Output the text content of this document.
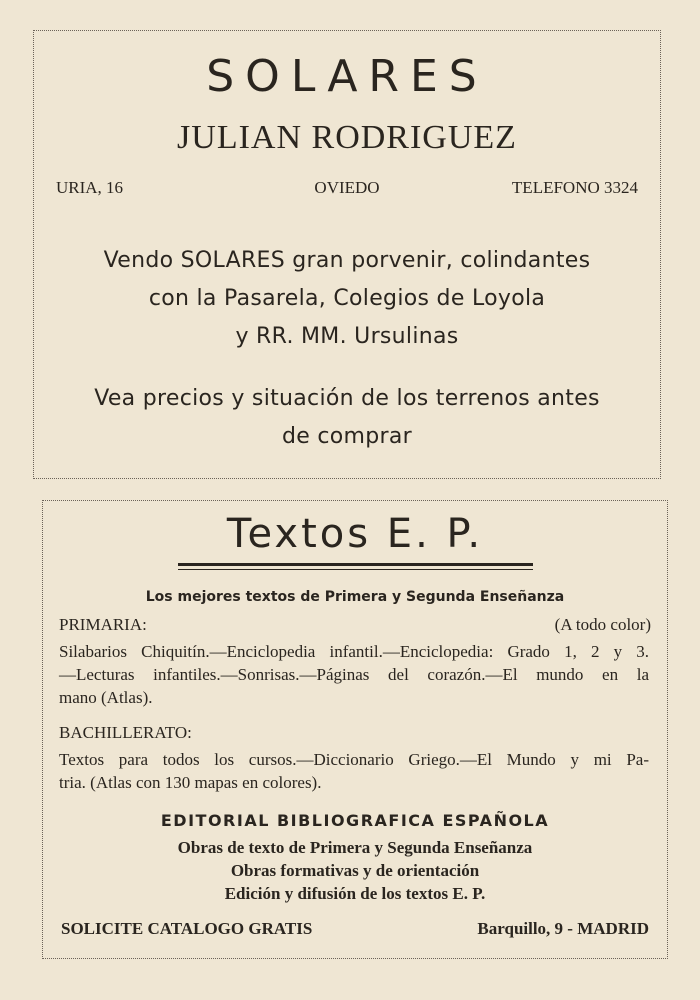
SOLARES
JULIAN RODRIGUEZ
URIA, 16	OVIEDO	TELEFONO 3324
Vendo SOLARES gran porvenir, colindantes
con la Pasarela, Colegios de Loyola
y RR. MM. Ursulinas
Vea precios y situación de los terrenos antes
de comprar
Textos E. P.
Los mejores textos de Primera y Segunda Enseñanza
PRIMARIA:	(A todo color)
Silabarios Chiquitín.—Enciclopedia infantil.—Enciclopedia: Grado 1, 2 y 3.
—Lecturas infantiles.—Sonrisas.—Páginas del corazón.—El mundo en la
mano (Atlas).
BACHILLERATO:
Textos para todos los cursos.—Diccionario Griego.—El Mundo y mi Pa-
tria. (Atlas con 130 mapas en colores).
EDITORIAL BIBLIOGRAFICA ESPAÑOLA
Obras de texto de Primera y Segunda Enseñanza
Obras formativas y de orientación
Edición y difusión de los textos E. P.
SOLICITE CATALOGO GRATIS	Barquillo, 9 - MADRID
